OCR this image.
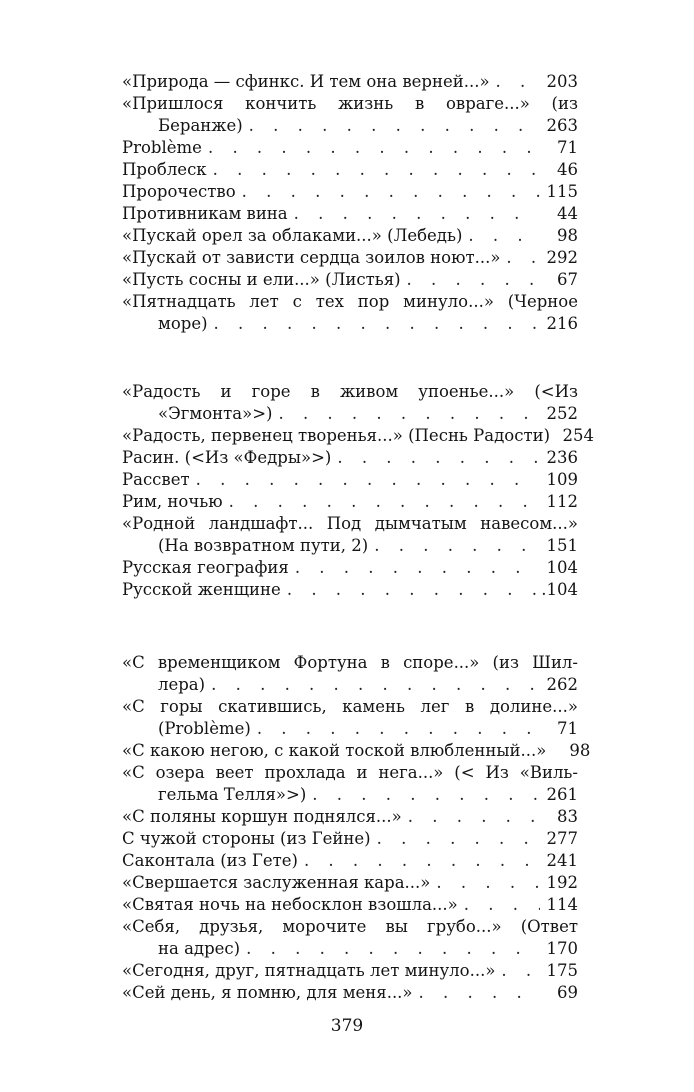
«Природа — сфинкс. И тем она верней...» . . .	203
«Пришлося кончить жизнь в овраге...» (из
Беранже) . . .	263
Problème . . .	71
Проблеск . . .	46
Пророчество . . .	115
Противникам вина . . .	44
«Пускай орел за облаками...» (Лебедь) . . .	98
«Пускай от зависти сердца зоилов ноют...» . . .	292
«Пусть сосны и ели...» (Листья) . . .	67
«Пятнадцать лет с тех пор минуло...» (Черное
море) . . .	216
«Радость и горе в живом упоенье...» (<Из
«Эгмонта»>) . . .	252
«Радость, первенец творенья...» (Песнь Радости) 254
Расин. (<Из «Федры»>) . . .	236
Рассвет . . .	109
Рим, ночью . . .	112
«Родной ландшафт... Под дымчатым навесом...»
(На возвратном пути, 2) . . .	151
Русская география . . .	104
Русской женщине . . .	.104
«С временщиком Фортуна в споре...» (из Шил-
лера) . . .	262
«С горы скатившись, камень лег в долине...»
(Problème) . . .	71
«С какою негою, с какой тоской влюбленный...»	98
«С озера веет прохлада и нега...» (< Из «Виль-
гельма Телля»>) . . .	261
«С поляны коршун поднялся...» . . .	83
С чужой стороны (из Гейне) . . .	277
Саконтала (из Гете) . . .	241
«Свершается заслуженная кара...» . . .	192
«Святая ночь на небосклон взошла...» . . .	114
«Себя, друзья, морочите вы грубо...» (Ответ
на адрес) . . .	170
«Сегодня, друг, пятнадцать лет минуло...» . . .	175
«Сей день, я помню, для меня...» . . .	69
379
